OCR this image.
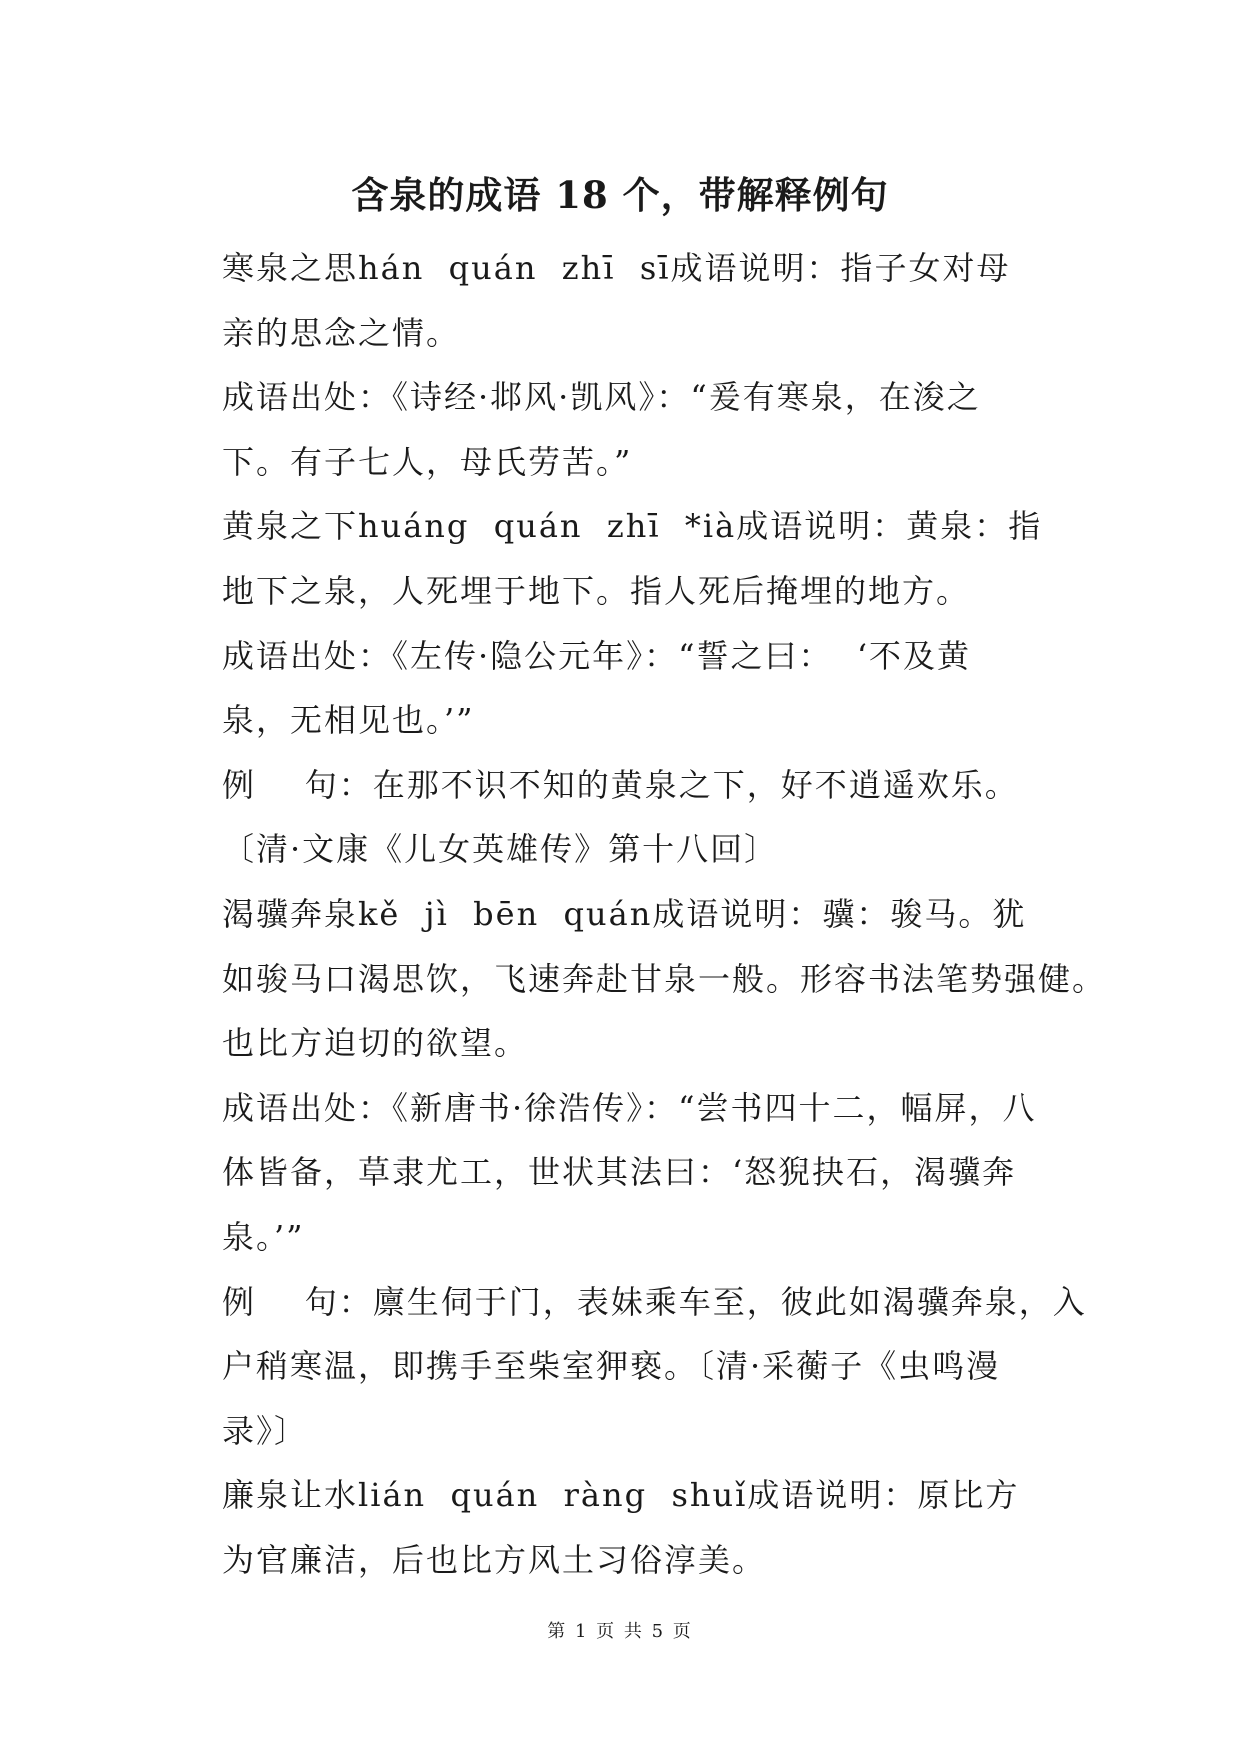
含泉的成语 18 个，带解释例句
寒泉之思hán  quán  zhī  sī成语说明：指子女对母
亲的思念之情。
成语出处：《诗经·邶风·凯风》：“爰有寒泉，在浚之
下。有子七人，母氏劳苦。”
黄泉之下huáng  quán  zhī  *ià成语说明：黄泉：指
地下之泉，人死埋于地下。指人死后掩埋的地方。
成语出处：《左传·隐公元年》：“誓之曰：  ‘不及黄
泉，无相见也。’”
例    句：在那不识不知的黄泉之下，好不逍遥欢乐。
〔清·文康《儿女英雄传》第十八回〕
渴骥奔泉kě  jì  bēn  quán成语说明：骥：骏马。犹
如骏马口渴思饮，飞速奔赴甘泉一般。形容书法笔势强健。
也比方迫切的欲望。
成语出处：《新唐书·徐浩传》：“尝书四十二，幅屏，八
体皆备，草隶尤工，世状其法曰：‘怒猊抉石，渴骥奔
泉。’”
例    句：廪生伺于门，表妹乘车至，彼此如渴骥奔泉，入
户稍寒温，即携手至柴室狎亵。〔清·采蘅子《虫鸣漫
录》〕
廉泉让水lián  quán  ràng  shuǐ成语说明：原比方
为官廉洁，后也比方风土习俗淳美。
第 1 页 共 5 页
